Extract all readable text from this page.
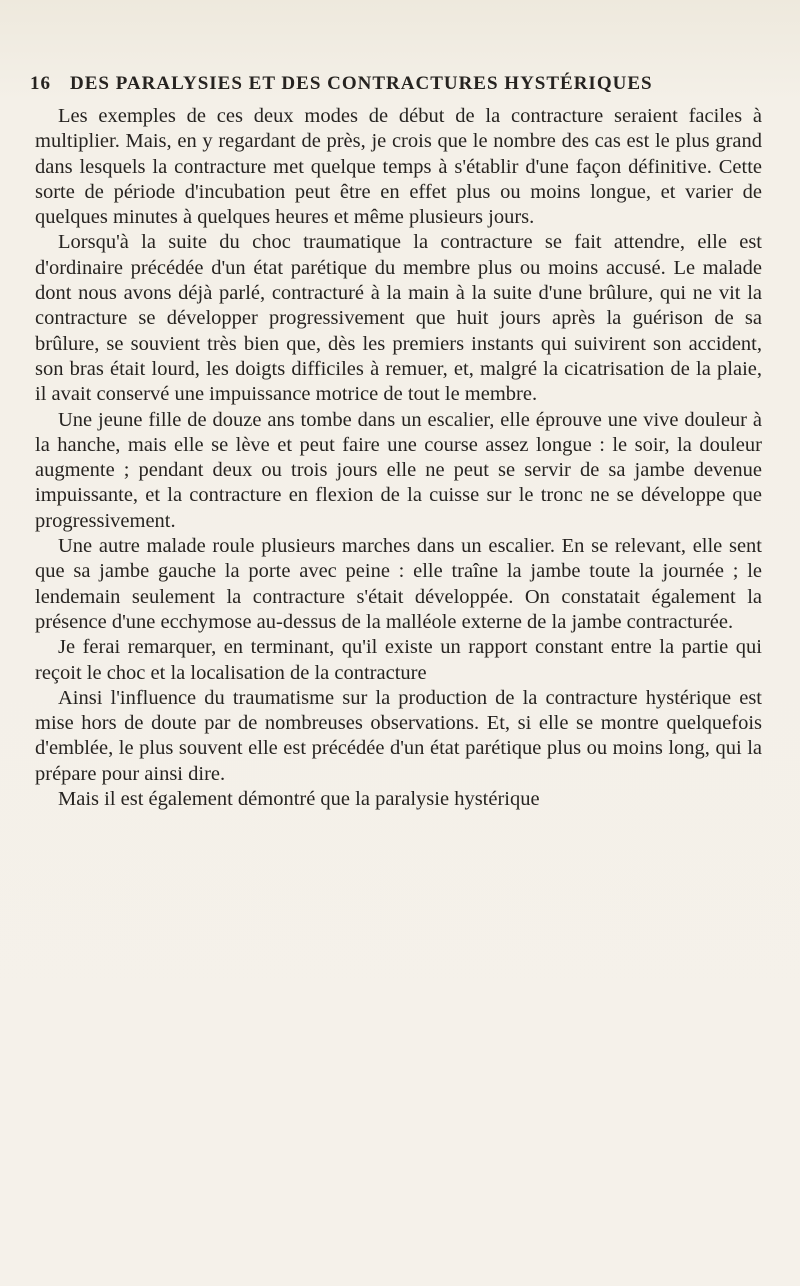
16 DES PARALYSIES ET DES CONTRACTURES HYSTÉRIQUES

Les exemples de ces deux modes de début de la contracture seraient faciles à multiplier. Mais, en y regardant de près, je crois que le nombre des cas est le plus grand dans lesquels la contracture met quelque temps à s'établir d'une façon définitive. Cette sorte de période d'incubation peut être en effet plus ou moins longue, et varier de quelques minutes à quelques heures et même plusieurs jours.

Lorsqu'à la suite du choc traumatique la contracture se fait attendre, elle est d'ordinaire précédée d'un état parétique du membre plus ou moins accusé. Le malade dont nous avons déjà parlé, contracturé à la main à la suite d'une brûlure, qui ne vit la contracture se développer progressivement que huit jours après la guérison de sa brûlure, se souvient très bien que, dès les premiers instants qui suivirent son accident, son bras était lourd, les doigts difficiles à remuer, et, malgré la cicatrisation de la plaie, il avait conservé une impuissance motrice de tout le membre.

Une jeune fille de douze ans tombe dans un escalier, elle éprouve une vive douleur à la hanche, mais elle se lève et peut faire une course assez longue : le soir, la douleur augmente ; pendant deux ou trois jours elle ne peut se servir de sa jambe devenue impuissante, et la contracture en flexion de la cuisse sur le tronc ne se développe que progressivement.

Une autre malade roule plusieurs marches dans un escalier. En se relevant, elle sent que sa jambe gauche la porte avec peine : elle traîne la jambe toute la journée ; le lendemain seulement la contracture s'était développée. On constatait également la présence d'une ecchymose au-dessus de la malléole externe de la jambe contracturée.

Je ferai remarquer, en terminant, qu'il existe un rapport constant entre la partie qui reçoit le choc et la localisation de la contracture

Ainsi l'influence du traumatisme sur la production de la contracture hystérique est mise hors de doute par de nombreuses observations. Et, si elle se montre quelquefois d'emblée, le plus souvent elle est précédée d'un état parétique plus ou moins long, qui la prépare pour ainsi dire.

Mais il est également démontré que la paralysie hystérique
